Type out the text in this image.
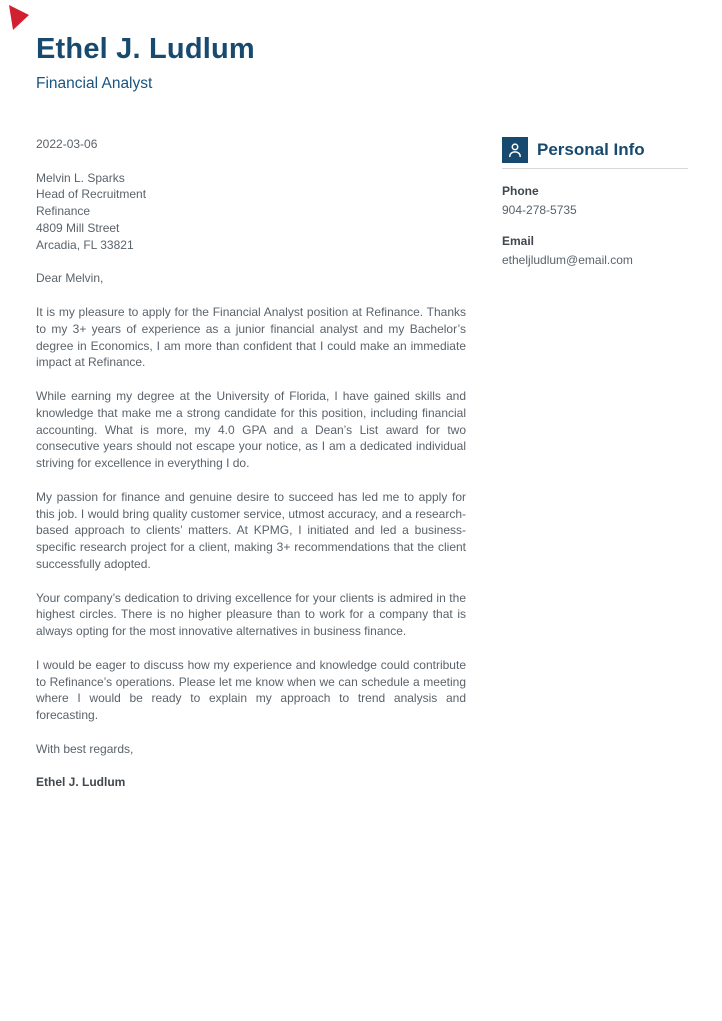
Ethel J. Ludlum

Financial Analyst

2022-03-06
Melvin L. Sparks
Head of Recruitment
Refinance
4809 Mill Street
Arcadia, FL 33821
Dear Melvin,

It is my pleasure to apply for the Financial Analyst position at Refinance. Thanks to my 3+ years of experience as a junior financial analyst and my Bachelor’s degree in Economics, I am more than confident that I could make an immediate impact at Refinance.

While earning my degree at the University of Florida, I have gained skills and knowledge that make me a strong candidate for this position, including financial accounting. What is more, my 4.0 GPA and a Dean’s List award for two consecutive years should not escape your notice, as I am a dedicated individual striving for excellence in everything I do.

My passion for finance and genuine desire to succeed has led me to apply for this job. I would bring quality customer service, utmost accuracy, and a research-based approach to clients’ matters. At KPMG, I initiated and led a business-specific research project for a client, making 3+ recommendations that the client successfully adopted.

Your company’s dedication to driving excellence for your clients is admired in the highest circles. There is no higher pleasure than to work for a company that is always opting for the most innovative alternatives in business finance.

I would be eager to discuss how my experience and knowledge could contribute to Refinance’s operations. Please let me know when we can schedule a meeting where I would be ready to explain my approach to trend analysis and forecasting.

With best regards,
Ethel J. Ludlum
Personal Info

Phone

904-278-5735

Email

etheljludlum@email.com
